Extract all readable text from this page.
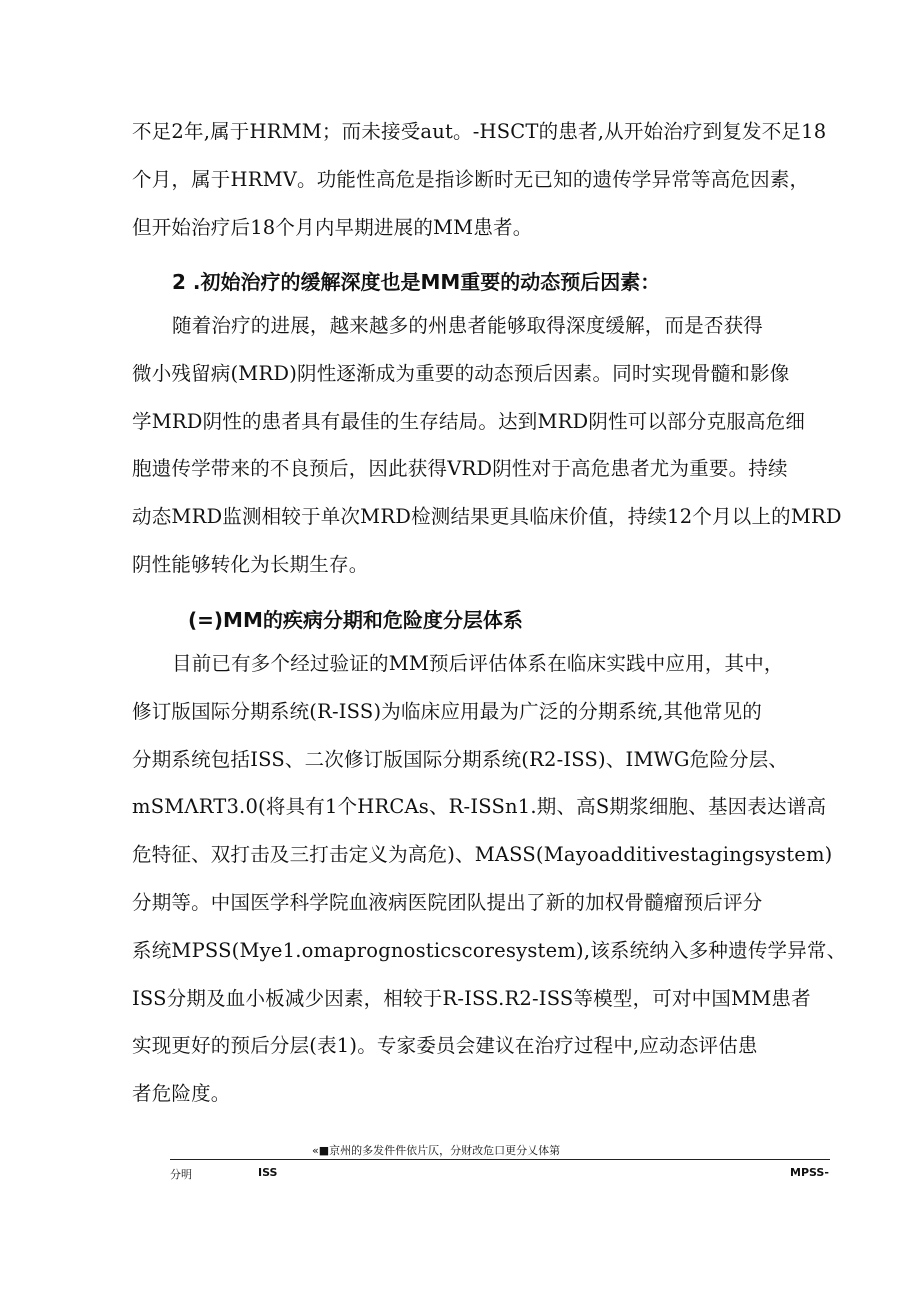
不足2年,属于HRMM；而未接受aut。-HSCT的患者,从开始治疗到复发不足18
个月，属于HRMV。功能性高危是指诊断时无已知的遗传学异常等高危因素，
但开始治疗后18个月内早期进展的MM患者。
2 .初始治疗的缓解深度也是MM重要的动态预后因素：
随着治疗的进展，越来越多的州患者能够取得深度缓解，而是否获得
微小残留病(MRD)阴性逐渐成为重要的动态预后因素。同时实现骨髓和影像
学MRD阴性的患者具有最佳的生存结局。达到MRD阴性可以部分克服高危细
胞遗传学带来的不良预后，因此获得VRD阴性对于高危患者尤为重要。持续
动态MRD监测相较于单次MRD检测结果更具临床价值，持续12个月以上的MRD
阴性能够转化为长期生存。
(=)MM的疾病分期和危险度分层体系
目前已有多个经过验证的MM预后评估体系在临床实践中应用，其中，
修订版国际分期系统(R-ISS)为临床应用最为广泛的分期系统,其他常见的
分期系统包括ISS、二次修订版国际分期系统(R2-ISS)、IMWG危险分层、
mSMΛRT3.0(将具有1个HRCAs、R-ISSn1.期、高S期浆细胞、基因表达谱高
危特征、双打击及三打击定义为高危)、MASS(Mayoadditivestagingsystem)
分期等。中国医学科学院血液病医院团队提出了新的加权骨髓瘤预后评分
系统MPSS(Mye1.omaprognosticscoresystem),该系统纳入多种遗传学异常、
ISS分期及血小板减少因素，相较于R-ISS.R2-ISS等模型，可对中国MM患者
实现更好的预后分层(表1)。专家委员会建议在治疗过程中,应动态评估患
者危险度。
«■京州的多发件件依片仄，分财改危口更分乂体第
分明	ISS	MPSS-
